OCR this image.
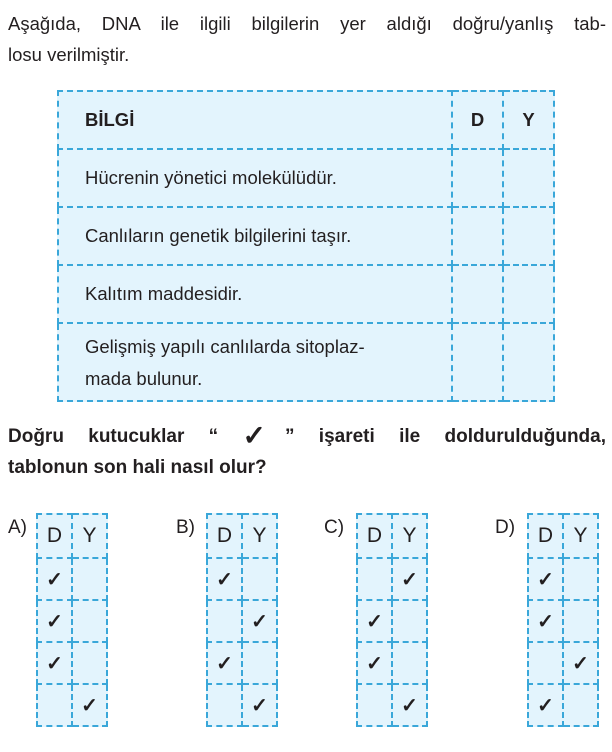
Aşağıda, DNA ile ilgili bilgilerin yer aldığı doğru/yanlış tab-
losu verilmiştir.
BİLGİ	D	Y
Hücrenin yönetici molekülüdür.		
Canlıların genetik bilgilerini taşır.		
Kalıtım maddesidir.		
Gelişmiş yapılı canlılarda sitoplaz-
mada bulunur.		
Doğru kutucuklar “ ✓” işareti ile doldurulduğunda,
tablonun son hali nasıl olur?
A) D	Y
✓	
✓	
✓	
	✓
B) D	Y
✓	
	✓
✓	
	✓
C) D	Y
	✓
✓	
✓	
	✓
D) D	Y
✓	
✓	
	✓
✓	
